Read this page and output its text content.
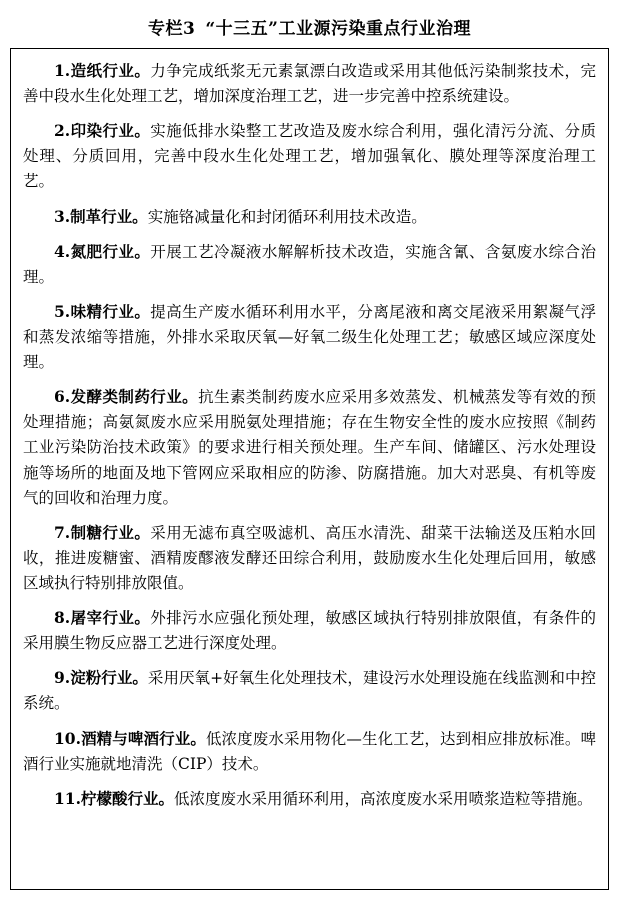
专栏3 “十三五”工业源污染重点行业治理

1.造纸行业。力争完成纸浆无元素氯漂白改造或采用其他低污染制浆技术，完善中段水生化处理工艺，增加深度治理工艺，进一步完善中控系统建设。

2.印染行业。实施低排水染整工艺改造及废水综合利用，强化清污分流、分质处理、分质回用，完善中段水生化处理工艺，增加强氧化、膜处理等深度治理工艺。

3.制革行业。实施铬减量化和封闭循环利用技术改造。

4.氮肥行业。开展工艺冷凝液水解解析技术改造，实施含氰、含氨废水综合治理。

5.味精行业。提高生产废水循环利用水平，分离尾液和离交尾液采用絮凝气浮和蒸发浓缩等措施，外排水采取厌氧—好氧二级生化处理工艺；敏感区域应深度处理。

6.发酵类制药行业。抗生素类制药废水应采用多效蒸发、机械蒸发等有效的预处理措施；高氨氮废水应采用脱氨处理措施；存在生物安全性的废水应按照《制药工业污染防治技术政策》的要求进行相关预处理。生产车间、储罐区、污水处理设施等场所的地面及地下管网应采取相应的防渗、防腐措施。加大对恶臭、有机等废气的回收和治理力度。

7.制糖行业。采用无滤布真空吸滤机、高压水清洗、甜菜干法输送及压粕水回收，推进废糖蜜、酒精废醪液发酵还田综合利用，鼓励废水生化处理后回用，敏感区域执行特别排放限值。

8.屠宰行业。外排污水应强化预处理，敏感区域执行特别排放限值，有条件的采用膜生物反应器工艺进行深度处理。

9.淀粉行业。采用厌氧+好氧生化处理技术，建设污水处理设施在线监测和中控系统。

10.酒精与啤酒行业。低浓度废水采用物化—生化工艺，达到相应排放标准。啤酒行业实施就地清洗（CIP）技术。

11.柠檬酸行业。低浓度废水采用循环利用，高浓度废水采用喷浆造粒等措施。
